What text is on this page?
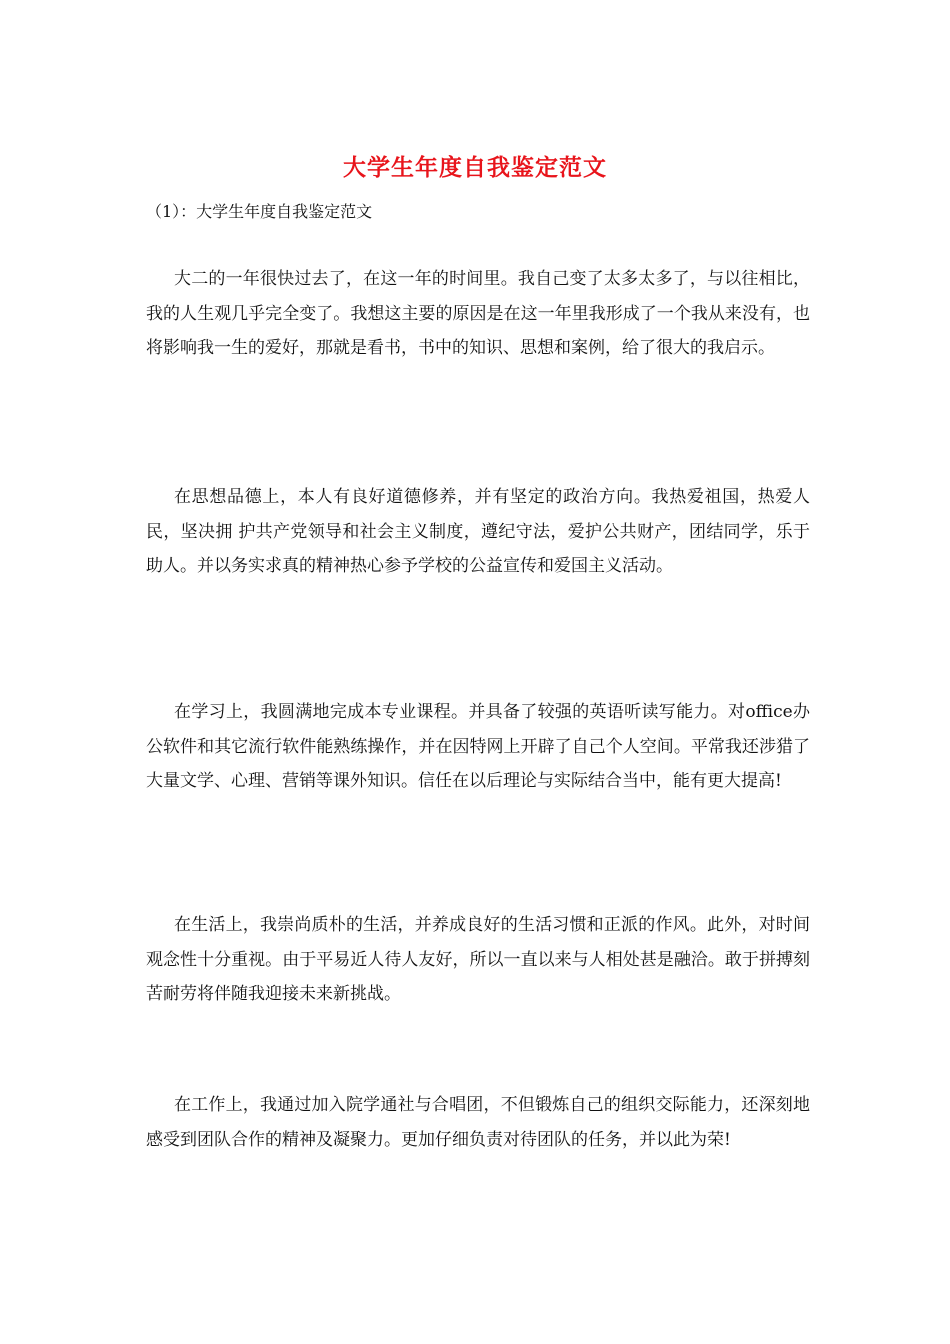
大学生年度自我鉴定范文
（1）：大学生年度自我鉴定范文

大二的一年很快过去了，在这一年的时间里。我自己变了太多太多了，与以往相比，我的人生观几乎完全变了。我想这主要的原因是在这一年里我形成了一个我从来没有，也将影响我一生的爱好，那就是看书，书中的知识、思想和案例，给了很大的我启示。

在思想品德上，本人有良好道德修养，并有坚定的政治方向。我热爱祖国，热爱人民，坚决拥 护共产党领导和社会主义制度，遵纪守法，爱护公共财产，团结同学，乐于助人。并以务实求真的精神热心参予学校的公益宣传和爱国主义活动。

在学习上，我圆满地完成本专业课程。并具备了较强的英语听读写能力。对office办公软件和其它流行软件能熟练操作，并在因特网上开辟了自己个人空间。平常我还涉猎了大量文学、心理、营销等课外知识。信任在以后理论与实际结合当中，能有更大提高!

在生活上，我崇尚质朴的生活，并养成良好的生活习惯和正派的作风。此外，对时间观念性十分重视。由于平易近人待人友好，所以一直以来与人相处甚是融洽。敢于拼搏刻苦耐劳将伴随我迎接未来新挑战。

在工作上，我通过加入院学通社与合唱团，不但锻炼自己的组织交际能力，还深刻地感受到团队合作的精神及凝聚力。更加仔细负责对待团队的任务，并以此为荣!
